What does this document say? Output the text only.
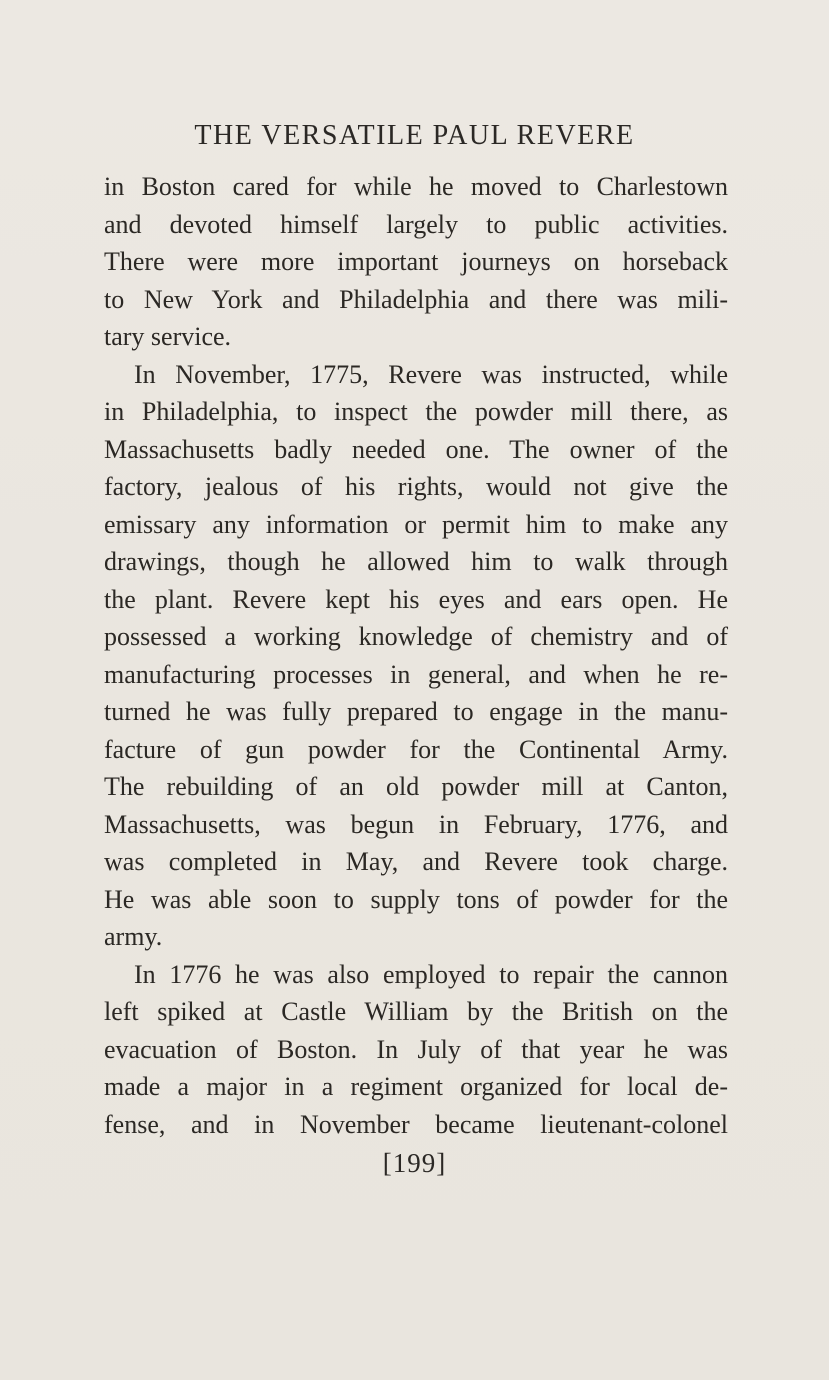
THE VERSATILE PAUL REVERE
in Boston cared for while he moved to Charlestown
and devoted himself largely to public activities.
There were more important journeys on horseback
to New York and Philadelphia and there was mili-
tary service.
In November, 1775, Revere was instructed, while
in Philadelphia, to inspect the powder mill there, as
Massachusetts badly needed one. The owner of the
factory, jealous of his rights, would not give the
emissary any information or permit him to make any
drawings, though he allowed him to walk through
the plant. Revere kept his eyes and ears open. He
possessed a working knowledge of chemistry and of
manufacturing processes in general, and when he re-
turned he was fully prepared to engage in the manu-
facture of gun powder for the Continental Army.
The rebuilding of an old powder mill at Canton,
Massachusetts, was begun in February, 1776, and
was completed in May, and Revere took charge.
He was able soon to supply tons of powder for the
army.
In 1776 he was also employed to repair the cannon
left spiked at Castle William by the British on the
evacuation of Boston. In July of that year he was
made a major in a regiment organized for local de-
fense, and in November became lieutenant-colonel
[199]
